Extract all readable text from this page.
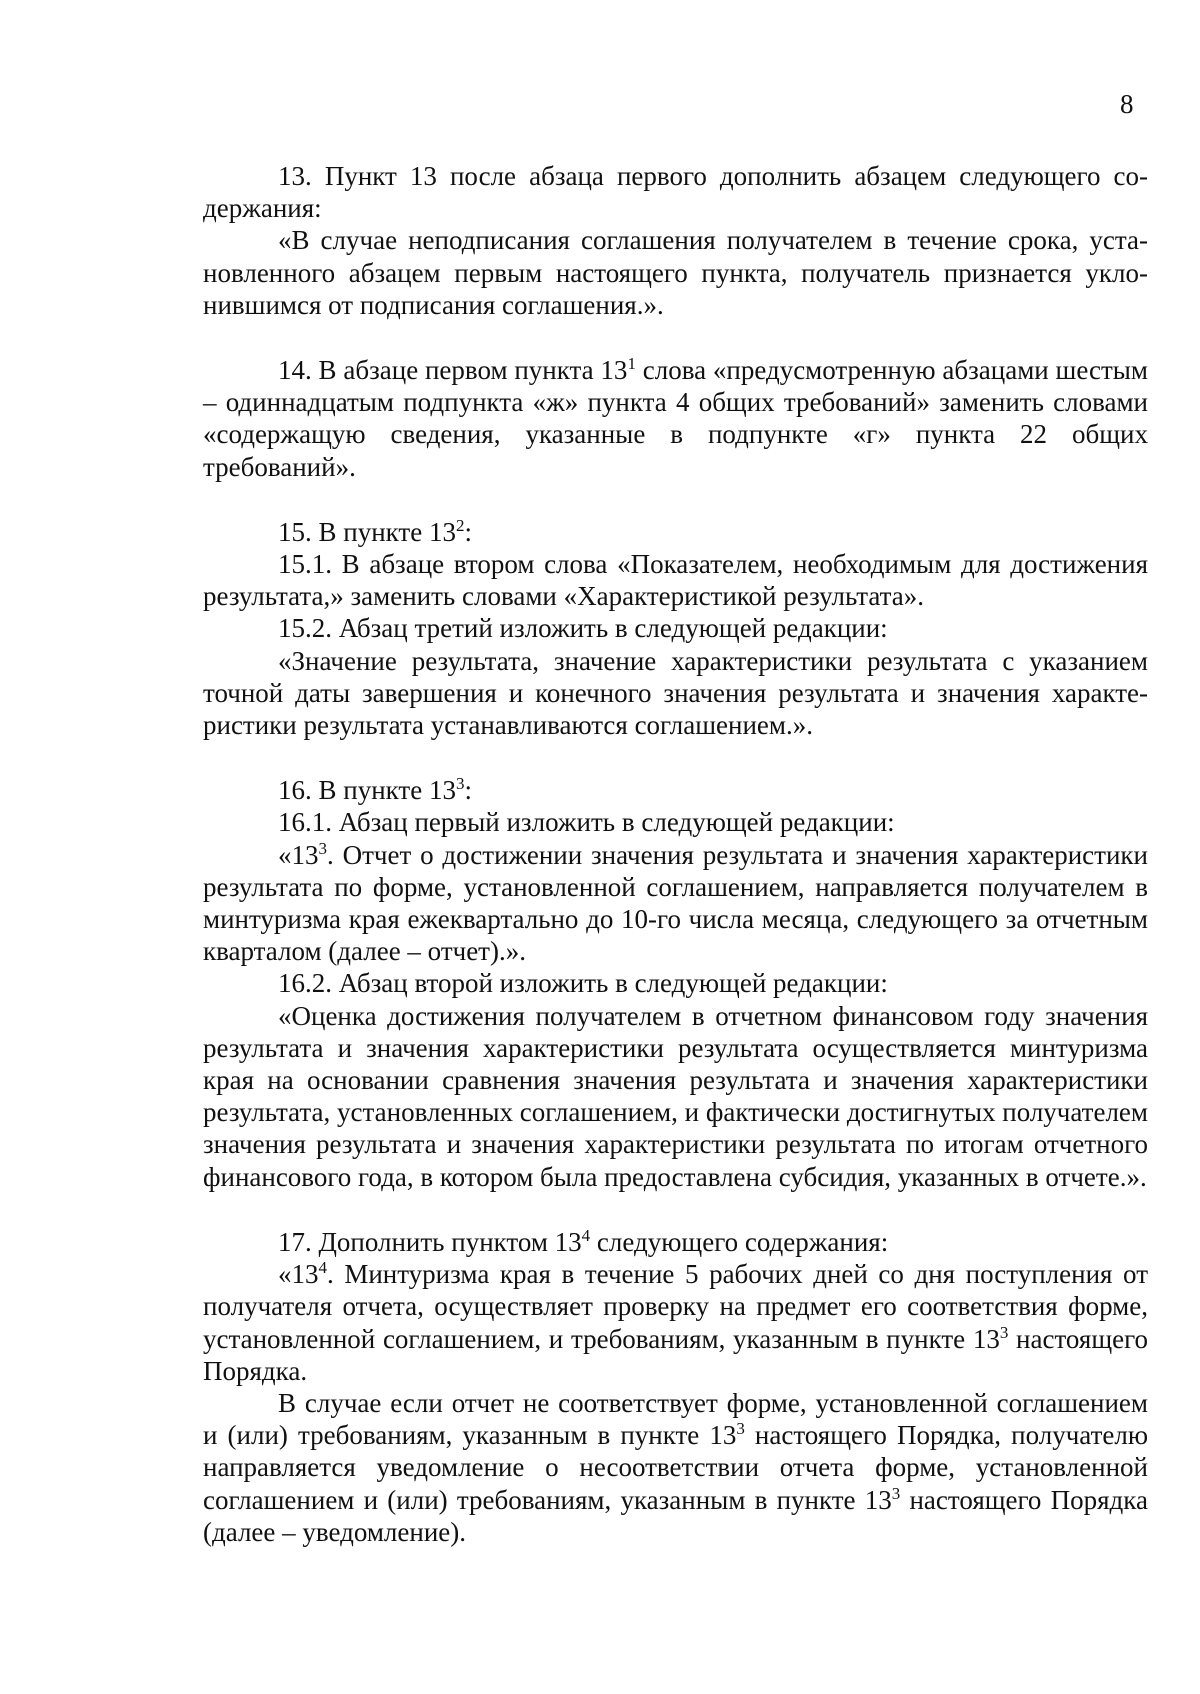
8

13. Пункт 13 после абзаца первого дополнить абзацем следующего содержания:

«В случае неподписания соглашения получателем в течение срока, установленного абзацем первым настоящего пункта, получатель признается уклонившимся от подписания соглашения.».

14. В абзаце первом пункта $13^1$ слова «предусмотренную абзацами шестым – одиннадцатым подпункта «ж» пункта 4 общих требований» заменить словами «содержащую сведения, указанные в подпункте «г» пункта 22 общих требований».

15. В пункте $13^2$:

15.1. В абзаце втором слова «Показателем, необходимым для достижения результата,» заменить словами «Характеристикой результата».

15.2. Абзац третий изложить в следующей редакции:

«Значение результата, значение характеристики результата с указанием точной даты завершения и конечного значения результата и значения характеристики результата устанавливаются соглашением.».

16. В пункте $13^3$:

16.1. Абзац первый изложить в следующей редакции:

«$13^3$. Отчет о достижении значения результата и значения характеристики результата по форме, установленной соглашением, направляется получателем в минтуризма края ежеквартально до 10-го числа месяца, следующего за отчетным кварталом (далее – отчет).».

16.2. Абзац второй изложить в следующей редакции:

«Оценка достижения получателем в отчетном финансовом году значения результата и значения характеристики результата осуществляется минтуризма края на основании сравнения значения результата и значения характеристики результата, установленных соглашением, и фактически достигнутых получателем значения результата и значения характеристики результата по итогам отчетного финансового года, в котором была предоставлена субсидия, указанных в отчете.».

17. Дополнить пунктом $13^4$ следующего содержания:

«$13^4$. Минтуризма края в течение 5 рабочих дней со дня поступления от получателя отчета, осуществляет проверку на предмет его соответствия форме, установленной соглашением, и требованиям, указанным в пункте $13^3$ настоящего Порядка.

В случае если отчет не соответствует форме, установленной соглашением и (или) требованиям, указанным в пункте $13^3$ настоящего Порядка, получателю направляется уведомление о несоответствии отчета форме, установленной соглашением и (или) требованиям, указанным в пункте $13^3$ настоящего Порядка (далее – уведомление).
